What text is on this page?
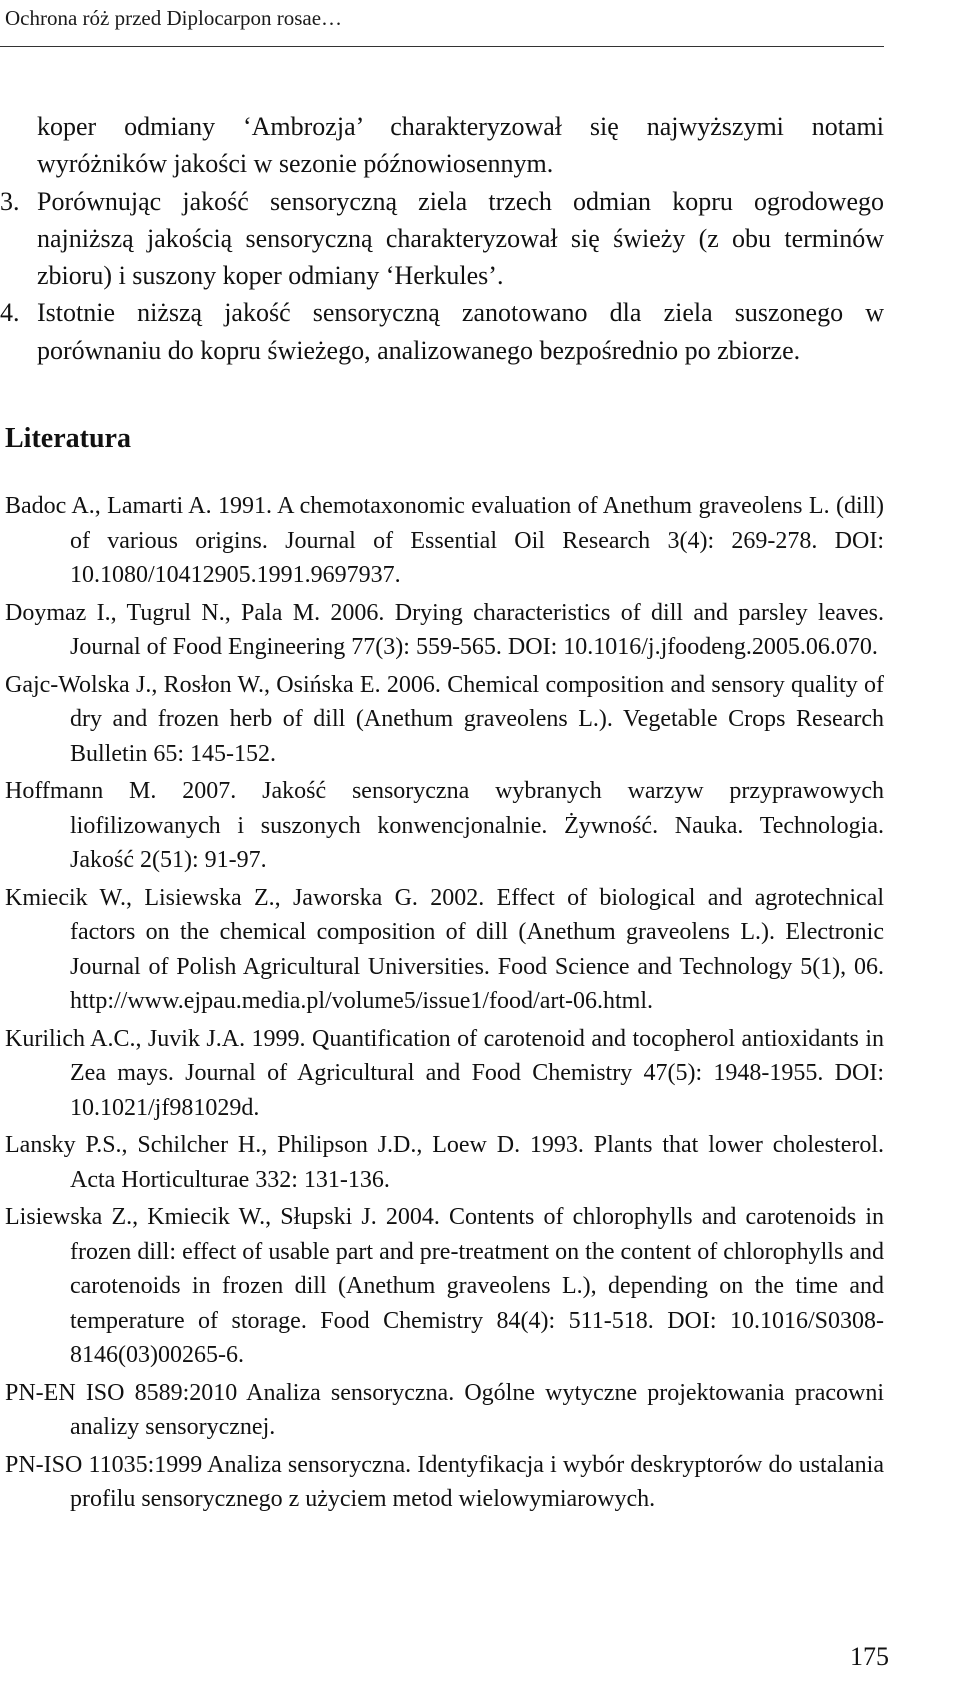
Ochrona róż przed Diplocarpon rosae…

koper odmiany ‘Ambrozja’ charakteryzował się najwyższymi notami wyróżników jakości w sezonie późnowiosennym.

3. Porównując jakość sensoryczną ziela trzech odmian kopru ogrodowego najniższą jakością sensoryczną charakteryzował się świeży (z obu terminów zbioru) i suszony koper odmiany ‘Herkules’.

4. Istotnie niższą jakość sensoryczną zanotowano dla ziela suszonego w porównaniu do kopru świeżego, analizowanego bezpośrednio po zbiorze.

Literatura
Badoc A., Lamarti A. 1991. A chemotaxonomic evaluation of Anethum graveolens L. (dill) of various origins. Journal of Essential Oil Research 3(4): 269-278. DOI: 10.1080/10412905.1991.9697937.
Doymaz I., Tugrul N., Pala M. 2006. Drying characteristics of dill and parsley leaves. Journal of Food Engineering 77(3): 559-565. DOI: 10.1016/j.jfoodeng.2005.06.070.
Gajc-Wolska J., Rosłon W., Osińska E. 2006. Chemical composition and sensory quality of dry and frozen herb of dill (Anethum graveolens L.). Vegetable Crops Research Bulletin 65: 145-152.
Hoffmann M. 2007. Jakość sensoryczna wybranych warzyw przyprawowych liofilizowanych i suszonych konwencjonalnie. Żywność. Nauka. Technologia. Jakość 2(51): 91-97.
Kmiecik W., Lisiewska Z., Jaworska G. 2002. Effect of biological and agrotechnical factors on the chemical composition of dill (Anethum graveolens L.). Electronic Journal of Polish Agricultural Universities. Food Science and Technology 5(1), 06. http://www.ejpau.media.pl/volume5/issue1/food/art-06.html.
Kurilich A.C., Juvik J.A. 1999. Quantification of carotenoid and tocopherol antioxidants in Zea mays. Journal of Agricultural and Food Chemistry 47(5): 1948-1955. DOI: 10.1021/jf981029d.
Lansky P.S., Schilcher H., Philipson J.D., Loew D. 1993. Plants that lower cholesterol. Acta Horticulturae 332: 131-136.
Lisiewska Z., Kmiecik W., Słupski J. 2004. Contents of chlorophylls and carotenoids in frozen dill: effect of usable part and pre-treatment on the content of chlorophylls and carotenoids in frozen dill (Anethum graveolens L.), depending on the time and temperature of storage. Food Chemistry 84(4): 511-518. DOI: 10.1016/S0308-8146(03)00265-6.
PN-EN ISO 8589:2010 Analiza sensoryczna. Ogólne wytyczne projektowania pracowni analizy sensorycznej.
PN-ISO 11035:1999 Analiza sensoryczna. Identyfikacja i wybór deskryptorów do ustalania profilu sensorycznego z użyciem metod wielowymiarowych.
175
